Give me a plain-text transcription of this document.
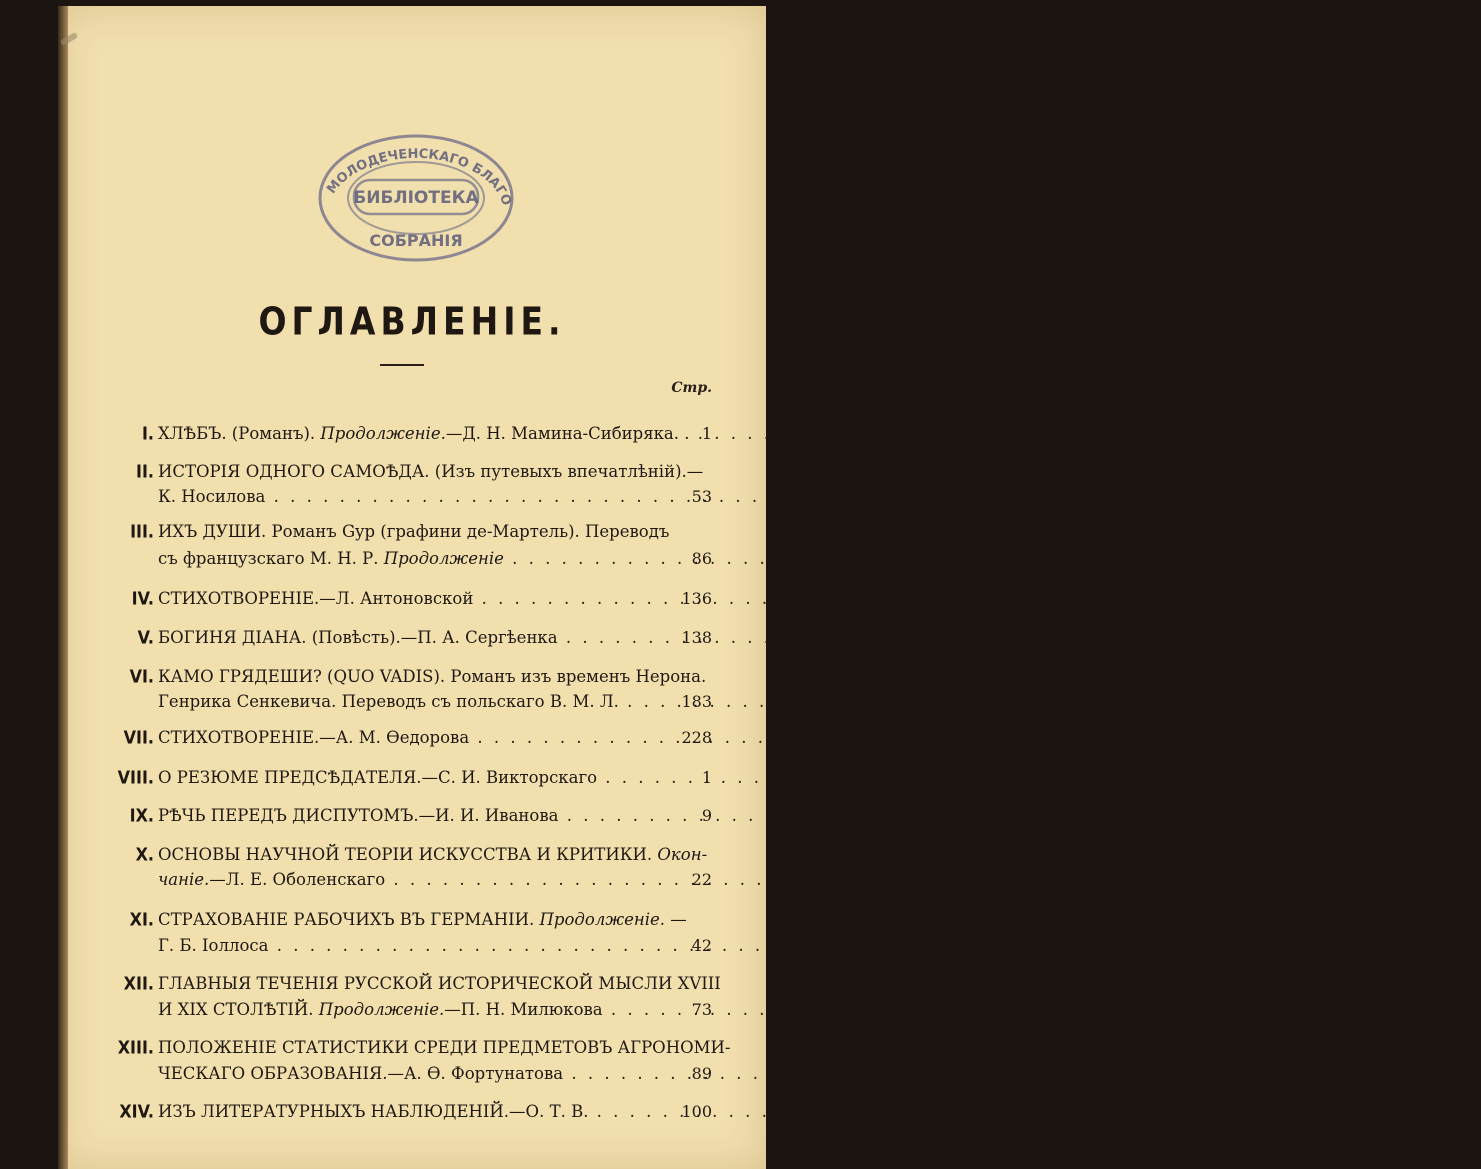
МОЛОДЕЧЕНСКАГО БЛАГО
БИБЛIОТЕКА
СОБРАНIЯ
ОГЛАВЛЕНIЕ.
Стр.
I. ХЛѢБЪ. (Романъ). Продолженіе.—Д. Н. Мамина-Сибиряка. . . . . 1
II. ИСТОРІЯ ОДНОГО САМОѢДА. (Изъ путевыхъ впечатлѣній).—
К. Носилова . . .	53
III. ИХЪ ДУШИ. Романъ Gyp (графини де-Мартель). Переводъ
съ французскаго М. Н. Р. Продолженіе . . .	86
IV. СТИХОТВОРЕНІЕ.—Л. Антоновской . . .	136
V. БОГИНЯ ДІАНА. (Повѣсть).—П. А. Сергѣенка . . .	138
VI. КАМО ГРЯДЕШИ? (QUO VADIS). Романъ изъ временъ Нерона.
Генрика Сенкевича. Переводъ съ польскаго В. М. Л. . . .	183
VII. СТИХОТВОРЕНІЕ.—А. М. Ѳедорова . . .	228
VIII. О РЕЗЮМЕ ПРЕДСѢДАТЕЛЯ.—С. И. Викторскаго . . .	1
IX. РѢЧЬ ПЕРЕДЪ ДИСПУТОМЪ.—И. И. Иванова . . .	9
X. ОСНОВЫ НАУЧНОЙ ТЕОРІИ ИСКУССТВА И КРИТИКИ. Окон-
чаніе.—Л. Е. Оболенскаго . . .	22
XI. СТРАХОВАНІЕ РАБОЧИХЪ ВЪ ГЕРМАНІИ. Продолженіе. —
Г. Б. Іоллоса . . .	42
XII. ГЛАВНЫЯ ТЕЧЕНІЯ РУССКОЙ ИСТОРИЧЕСКОЙ МЫСЛИ XVIII
И XIX СТОЛѢТІЙ. Продолженіе.—П. Н. Милюкова . . .	73
XIII. ПОЛОЖЕНІЕ СТАТИСТИКИ СРЕДИ ПРЕДМЕТОВЪ АГРОНОМИ-
ЧЕСКАГО ОБРАЗОВАНІЯ.—А. Ѳ. Фортунатова . . .	89
XIV. ИЗЪ ЛИТЕРАТУРНЫХЪ НАБЛЮДЕНІЙ.—О. Т. В. . . .	100
